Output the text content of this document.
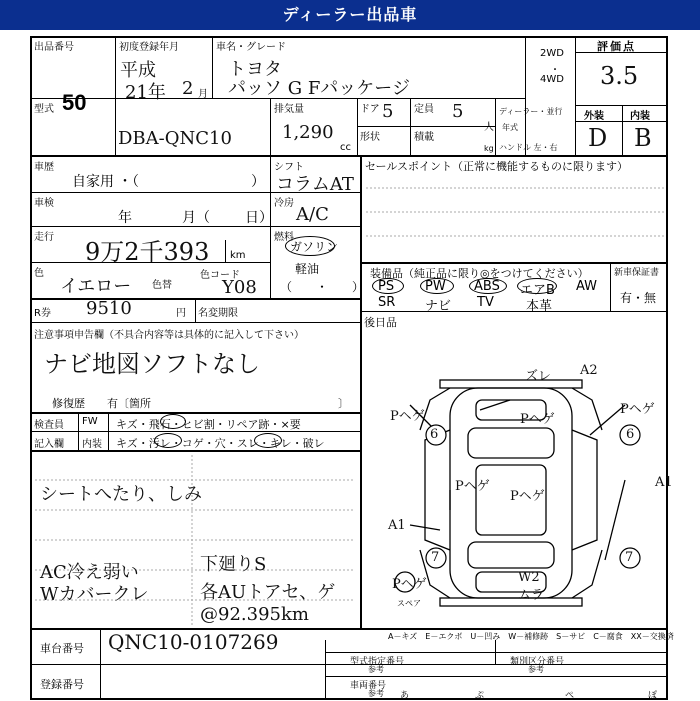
ディーラー出品車
出品番号
50
初度登録年月
平成
21年 2 月
車名・グレード
トヨタ
パッソ G Fパッケージ
2WD
・
4WD
評価点
3.5
型式
DBA-QNC10
排気量
1,290
cc
ドア 5 定員 5
人
形状	積載
kg
ディーラー・並行
年式
ハンドル 左・右
外装	内装
D B
車歴
自家用 ・（　　　　　　　　）
車検
年	月（	日）
走行
9万2千393 km
色
イエロー 色替
色コード
Y08
シフト
コラムAT
冷房
A/C
燃料
ガソリン
軽油
（　　・　　）
R券 9510	円 名変期限
注意事項申告欄（不具合内容等は具体的に記入して下さい）
ナビ地図ソフトなし
修復歴　　有〔箇所	〕
検査員
記入欄
FW キズ・飛石・ヒビ割・リペア跡・×要
内装 キズ・汚レ・コゲ・穴・スレ・キレ・破レ
シートへたり、しみ
AC冷え弱い
Wカバークレ
下廻りS
各AUトアセ、ゲ
@92.395km
セールスポイント（正常に機能するものに限ります）
装備品（純正品に限り◎をつけてください）
PS PW ABS エアB AW
SR ナビ TV 本革
新車保証書
有・無
後日品
ズレ A2
Pヘゲ	Pヘゲ
Pヘゲ
6	6
Pヘゲ
Pヘゲ
A1
A1
7	7
Pヘゲ	W2
ムラ
スペア
A－キズ　E－エクボ　U－凹み　W－補修跡　S－サビ　C－腐食　XX－交換済
車台番号 QNC10-0107269
型式指定番号
参考
類別区分番号
参考
登録番号	車両番号
参考 あ	ぷ	ぺ	ぽ
